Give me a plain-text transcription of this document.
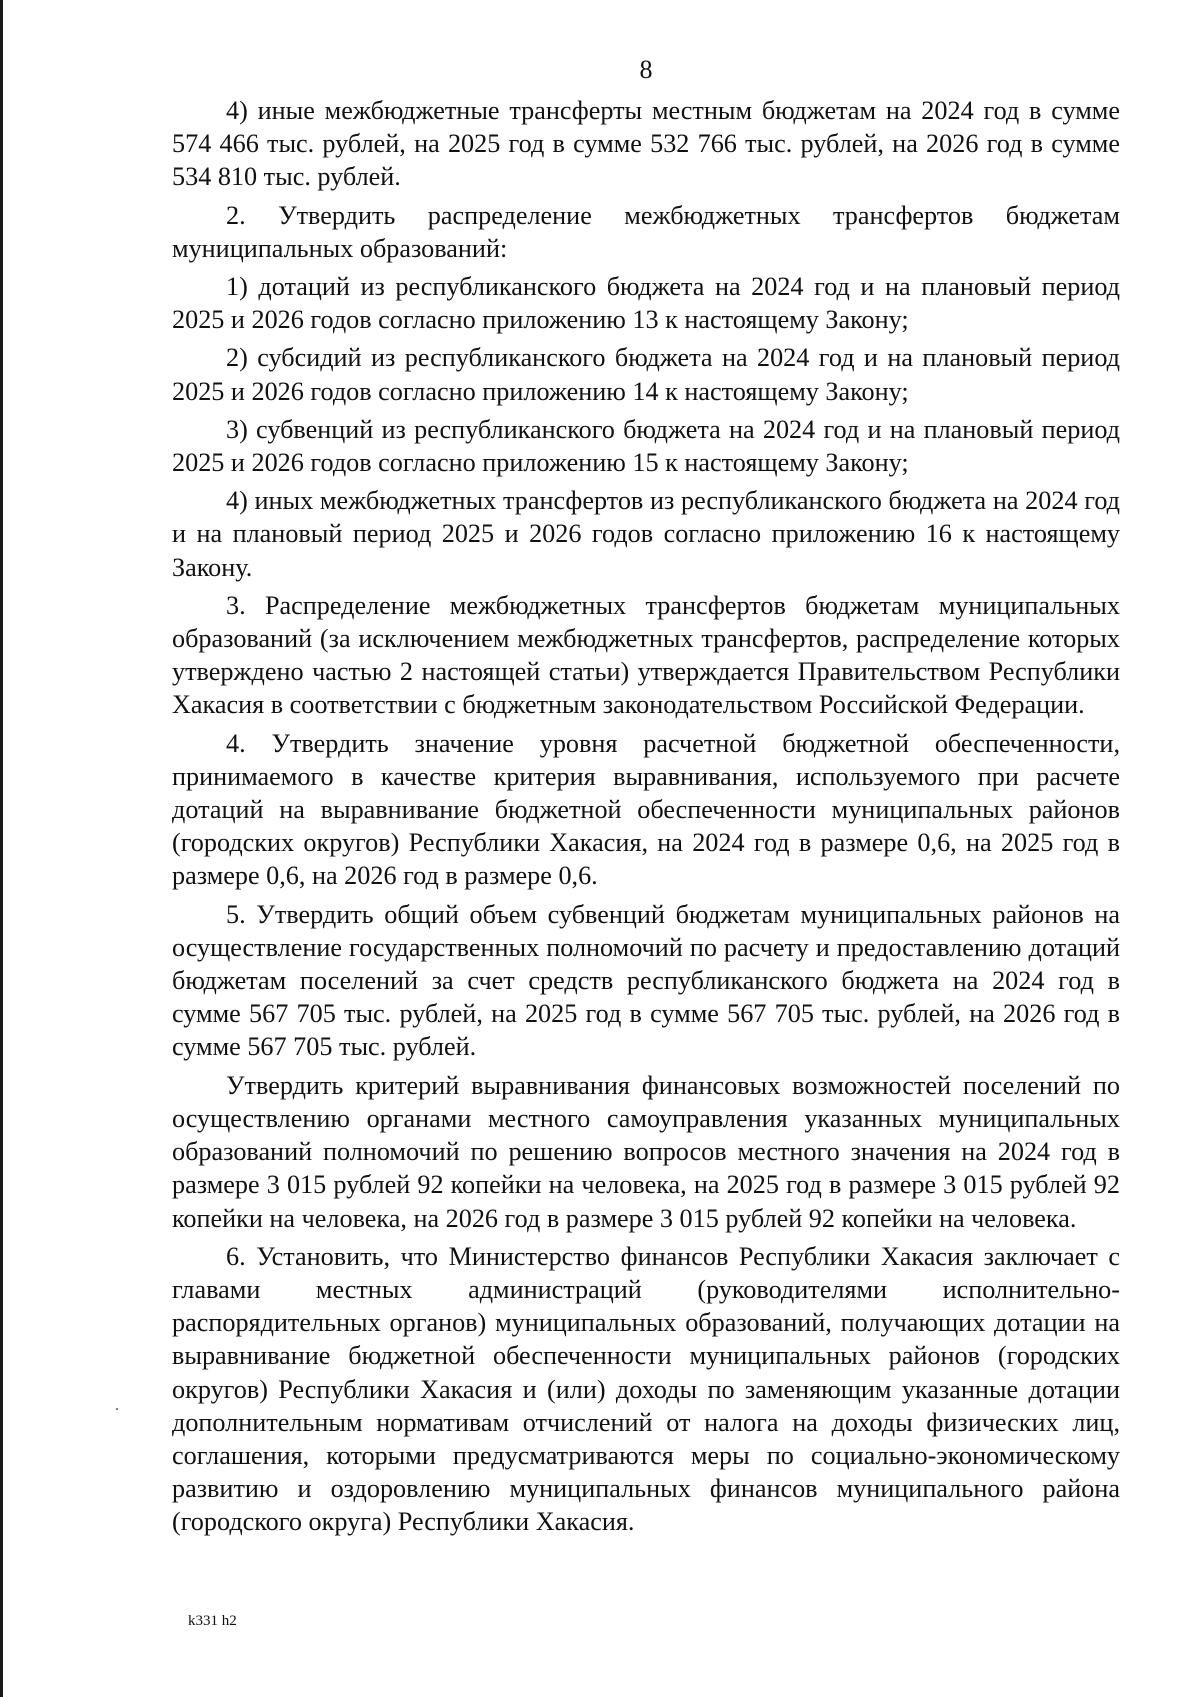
8

4) иные межбюджетные трансферты местным бюджетам на 2024 год в сумме 574 466 тыс. рублей, на 2025 год в сумме 532 766 тыс. рублей, на 2026 год в сумме 534 810 тыс. рублей.

2. Утвердить распределение межбюджетных трансфертов бюджетам муниципальных образований:

1) дотаций из республиканского бюджета на 2024 год и на плановый период 2025 и 2026 годов согласно приложению 13 к настоящему Закону;

2) субсидий из республиканского бюджета на 2024 год и на плановый период 2025 и 2026 годов согласно приложению 14 к настоящему Закону;

3) субвенций из республиканского бюджета на 2024 год и на плановый период 2025 и 2026 годов согласно приложению 15 к настоящему Закону;

4) иных межбюджетных трансфертов из республиканского бюджета на 2024 год и на плановый период 2025 и 2026 годов согласно приложению 16 к настоящему Закону.

3. Распределение межбюджетных трансфертов бюджетам муниципальных образований (за исключением межбюджетных трансфертов, распределение которых утверждено частью 2 настоящей статьи) утверждается Правительством Республики Хакасия в соответствии с бюджетным законодательством Российской Федерации.

4. Утвердить значение уровня расчетной бюджетной обеспеченности, принимаемого в качестве критерия выравнивания, используемого при расчете дотаций на выравнивание бюджетной обеспеченности муниципальных районов (городских округов) Республики Хакасия, на 2024 год в размере 0,6, на 2025 год в размере 0,6, на 2026 год в размере 0,6.

5. Утвердить общий объем субвенций бюджетам муниципальных районов на осуществление государственных полномочий по расчету и предоставлению дотаций бюджетам поселений за счет средств республиканского бюджета на 2024 год в сумме 567 705 тыс. рублей, на 2025 год в сумме 567 705 тыс. рублей, на 2026 год в сумме 567 705 тыс. рублей.

Утвердить критерий выравнивания финансовых возможностей поселений по осуществлению органами местного самоуправления указанных муниципальных образований полномочий по решению вопросов местного значения на 2024 год в размере 3 015 рублей 92 копейки на человека, на 2025 год в размере 3 015 рублей 92 копейки на человека, на 2026 год в размере 3 015 рублей 92 копейки на человека.

6. Установить, что Министерство финансов Республики Хакасия заключает с главами местных администраций (руководителями исполнительно-распорядительных органов) муниципальных образований, получающих дотации на выравнивание бюджетной обеспеченности муниципальных районов (городских округов) Республики Хакасия и (или) доходы по заменяющим указанные дотации дополнительным нормативам отчислений от налога на доходы физических лиц, соглашения, которыми предусматриваются меры по социально-экономическому развитию и оздоровлению муниципальных финансов муниципального района (городского округа) Республики Хакасия.

k331 h2
